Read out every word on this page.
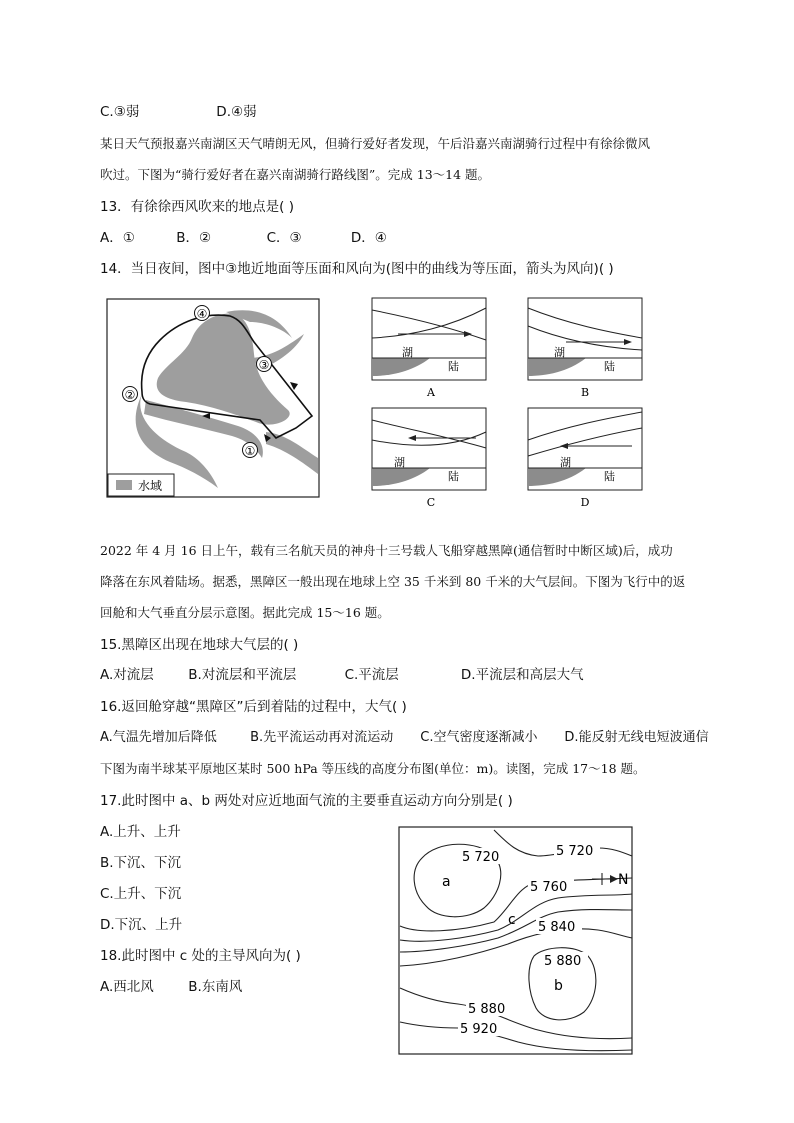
C.③弱	D.④弱
某日天气预报嘉兴南湖区天气晴朗无风，但骑行爱好者发现，午后沿嘉兴南湖骑行过程中有徐徐微风
吹过。下图为“骑行爱好者在嘉兴南湖骑行路线图”。完成 13～14 题。
13．有徐徐西风吹来的地点是( )
A．①	B．②	C．③	D．④
14．当日夜间，图中③地近地面等压面和风向为(图中的曲线为等压面，箭头为风向)( )
①
②
③
④
水域
湖
陆
A
湖
陆
B
湖
陆
C
湖
陆
D
2022 年 4 月 16 日上午，载有三名航天员的神舟十三号载人飞船穿越黑障(通信暂时中断区域)后，成功
降落在东风着陆场。据悉，黑障区一般出现在地球上空 35 千米到 80 千米的大气层间。下图为飞行中的返
回舱和大气垂直分层示意图。据此完成 15～16 题。
15.黑障区出现在地球大气层的( )
A.对流层	B.对流层和平流层	C.平流层	D.平流层和高层大气
16.返回舱穿越“黑障区”后到着陆的过程中，大气( )
A.气温先增加后降低	B.先平流运动再对流运动 C.空气密度逐渐减小 D.能反射无线电短波通信
下图为南半球某平原地区某时 500 hPa 等压线的高度分布图(单位：m)。读图，完成 17～18 题。
17.此时图中 a、b 两处对应近地面气流的主要垂直运动方向分别是( )
A.上升、上升
B.下沉、下沉
C.上升、下沉
D.下沉、上升
18.此时图中 c 处的主导风向为( )
A.西北风	B.东南风
5 720	5 720
5 760
5 840
5 880
5 880
5 920
a
b
c
N
